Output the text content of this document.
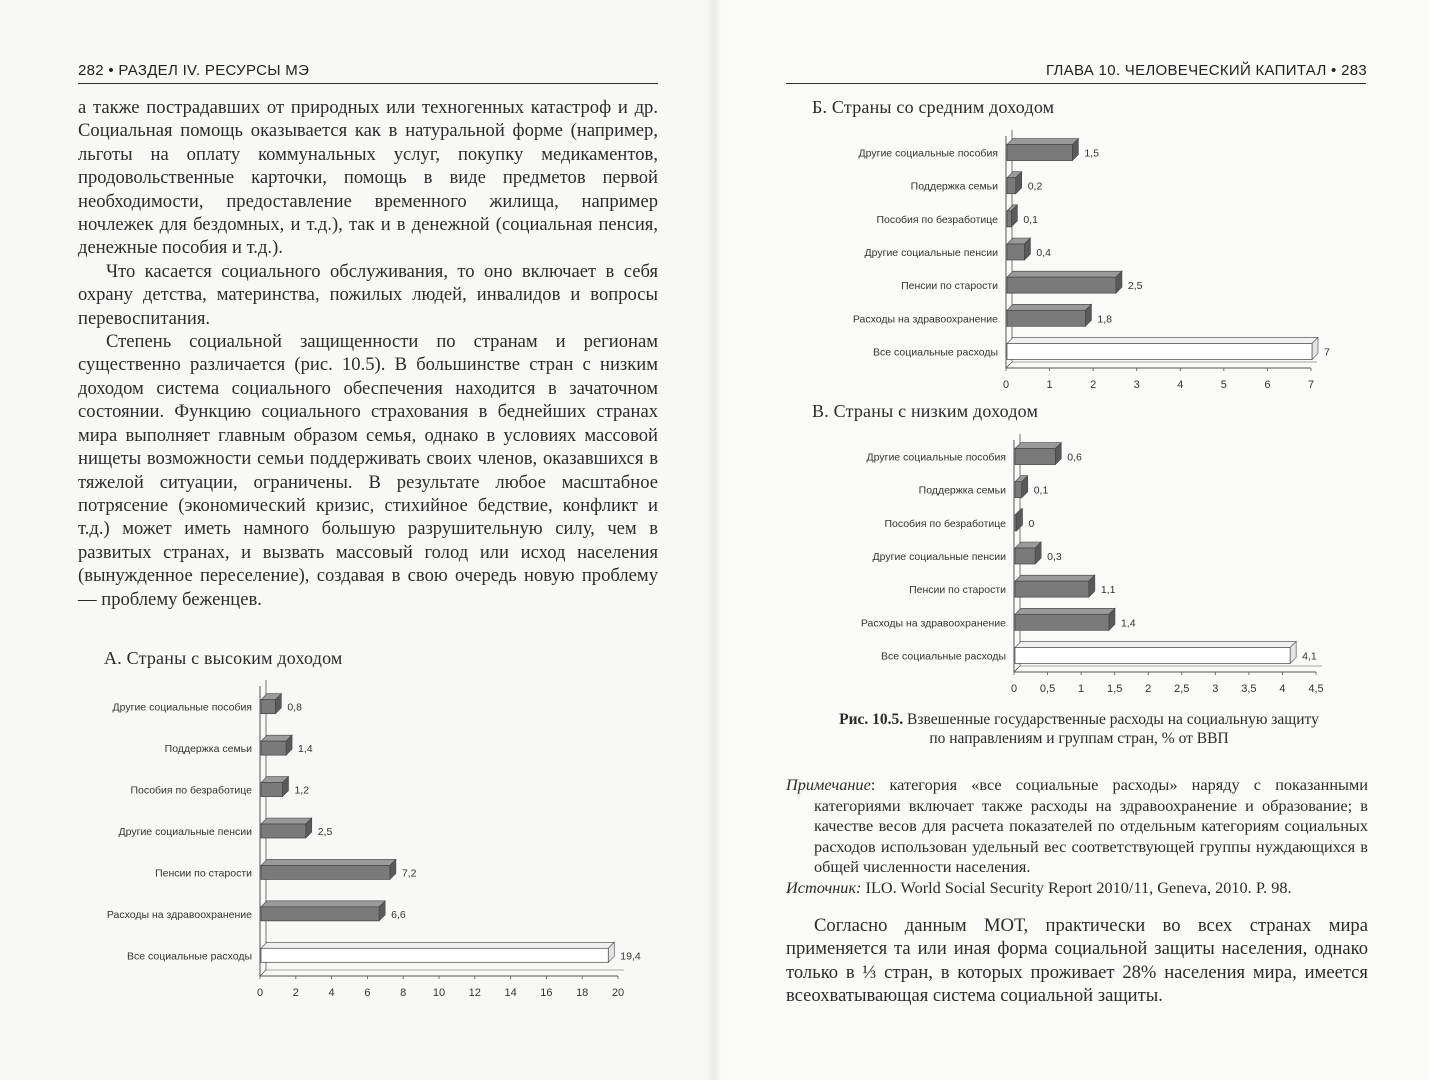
282 • РАЗДЕЛ IV. РЕСУРСЫ МЭ

а также пострадавших от природных или техногенных катастроф и др. Социальная помощь оказывается как в натуральной форме (например, льготы на оплату коммунальных услуг, покупку медикаментов, продовольственные карточки, помощь в виде предметов первой необходимости, предоставление временного жилища, например ночлежек для бездомных, и т.д.), так и в денежной (социальная пенсия, денежные пособия и т.д.).

Что касается социального обслуживания, то оно включает в себя охрану детства, материнства, пожилых людей, инвалидов и вопросы перевоспитания.

Степень социальной защищенности по странам и регионам существенно различается (рис. 10.5). В большинстве стран с низким доходом система социального обеспечения находится в зачаточном состоянии. Функцию социального страхования в беднейших странах мира выполняет главным образом семья, однако в условиях массовой нищеты возможности семьи поддерживать своих членов, оказавшихся в тяжелой ситуации, ограничены. В результате любое масштабное потрясение (экономический кризис, стихийное бедствие, конфликт и т.д.) может иметь намного большую разрушительную силу, чем в развитых странах, и вызвать массовый голод или исход населения (вынужденное переселение), создавая в свою очередь новую проблему — проблему беженцев.

А. Страны с высоким доходом
Другие социальные пособия	0,8
Поддержка семьи	1,4
Пособия по безработице	1,2
Другие социальные пенсии	2,5
Пенсии по старости	7,2
Расходы на здравоохранение	6,6
Все социальные расходы	19,4
0	2	4	6	8 10 12 14 16 18 20
ГЛАВА 10. ЧЕЛОВЕЧЕСКИЙ КАПИТАЛ • 283
Б. Страны со средним доходом
Другие социальные пособия	1,5
Поддержка семьи	0,2
Пособия по безработице 0,1
Другие социальные пенсии	0,4
Пенсии по старости	2,5
Расходы на здравоохранение	1,8
Все социальные расходы	7
0	1	2	3	4	5	6	7
В. Страны с низким доходом
Другие социальные пособия	0,6
Поддержка семьи	0,1
Пособия по безработице 0
Другие социальные пенсии	0,3
Пенсии по старости	1,1
Расходы на здравоохранение	1,4
Все социальные расходы	4,1
0 0,5 1 1,5 2 2,5 3 3,5 4 4,5
Рис. 10.5. Взвешенные государственные расходы на социальную защиту по направлениям и группам стран, % от ВВП

Примечание: категория «все социальные расходы» наряду с показанными категориями включает также расходы на здравоохранение и образование; в качестве весов для расчета показателей по отдельным категориям социальных расходов использован удельный вес соответствующей группы нуждающихся в общей численности населения.

Источник: ILO. World Social Security Report 2010/11, Geneva, 2010. P. 98.

Согласно данным МОТ, практически во всех странах мира применяется та или иная форма социальной защиты населения, однако только в ⅓ стран, в которых проживает 28% населения мира, имеется всеохватывающая система социальной защиты.
